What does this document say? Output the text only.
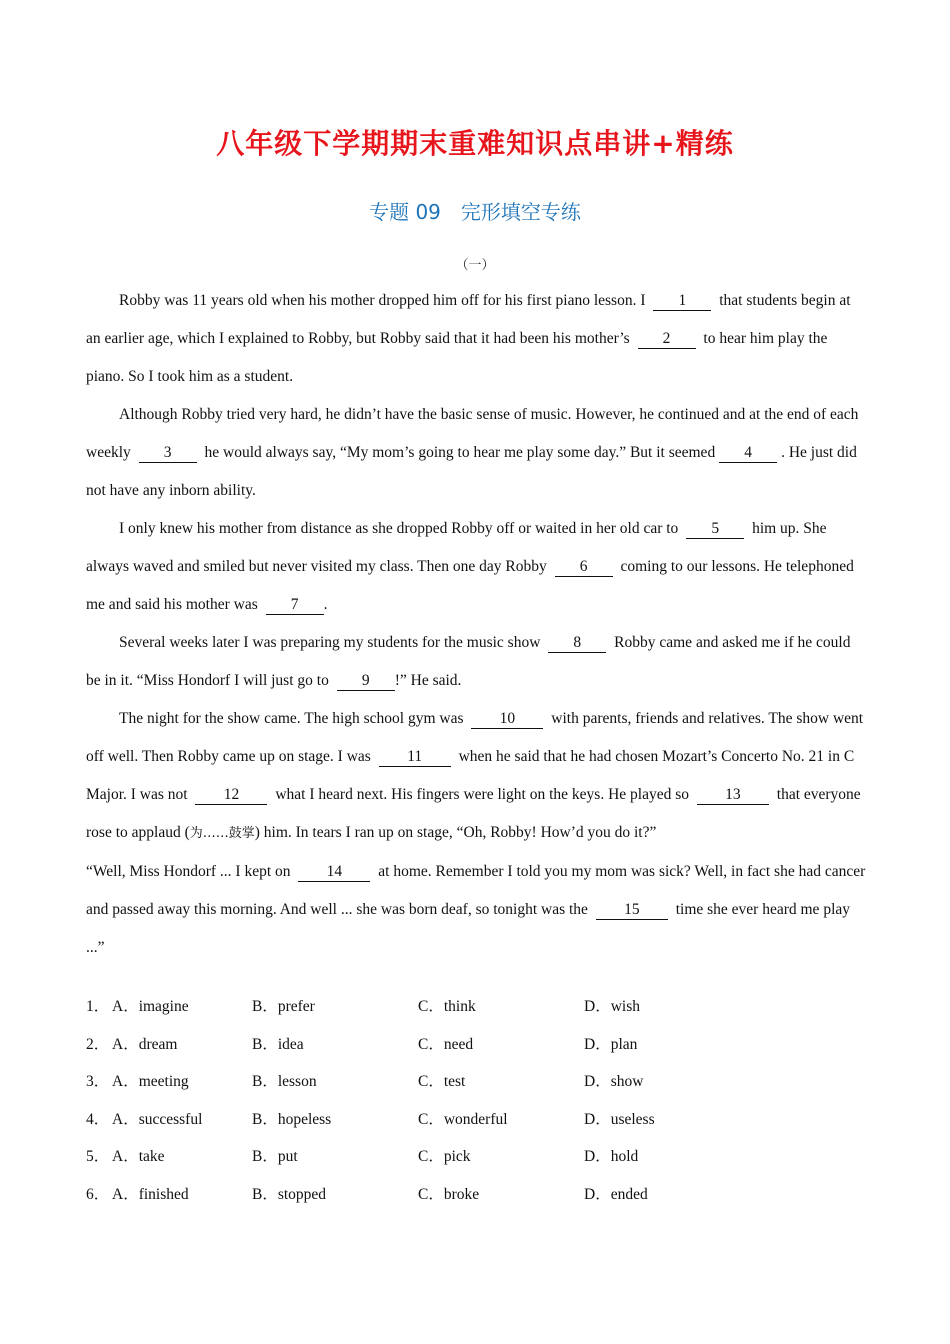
八年级下学期期末重难知识点串讲+精练
专题 09 完形填空专练
（一）

Robby was 11 years old when his mother dropped him off for his first piano lesson. I 1 that students begin at an earlier age, which I explained to Robby, but Robby said that it had been his mother’s 2 to hear him play the piano. So I took him as a student.

Although Robby tried very hard, he didn’t have the basic sense of music. However, he continued and at the end of each weekly 3 he would always say, “My mom’s going to hear me play some day.” But it seemed 4 . He just did not have any inborn ability.

I only knew his mother from distance as she dropped Robby off or waited in her old car to 5 him up. She always waved and smiled but never visited my class. Then one day Robby 6 coming to our lessons. He telephoned me and said his mother was 7 .

Several weeks later I was preparing my students for the music show 8 Robby came and asked me if he could be in it. “Miss Hondorf I will just go to 9 !” He said.

The night for the show came. The high school gym was 10 with parents, friends and relatives. The show went off well. Then Robby came up on stage. I was 11 when he said that he had chosen Mozart’s Concerto No. 21 in C Major. I was not 12 what I heard next. His fingers were light on the keys. He played so 13 that everyone rose to applaud (为……鼓掌) him. In tears I ran up on stage, “Oh, Robby! How’d you do it?”

“Well, Miss Hondorf ... I kept on 14 at home. Remember I told you my mom was sick? Well, in fact she had cancer and passed away this morning. And well ... she was born deaf, so tonight was the 15 time she ever heard me play ...”

1． A．imagine	B．prefer	C．think	D．wish
2． A．dream	B．idea	C．need	D．plan
3． A．meeting	B．lesson	C．test	D．show
4． A．successful	B．hopeless	C．wonderful	D．useless
5． A．take	B．put	C．pick	D．hold
6． A．finished	B．stopped	C．broke	D．ended
